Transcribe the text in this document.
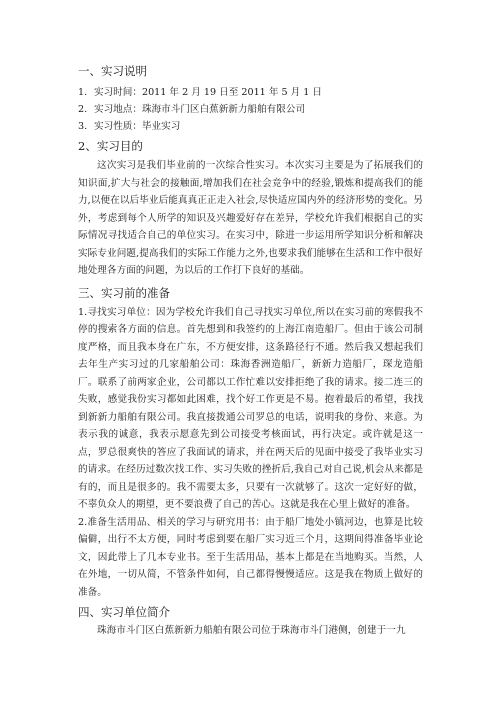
一、实习说明
1. 实习时间：2011 年 2 月 19 日至 2011 年 5 月 1 日
2. 实习地点：珠海市斗门区白蕉新新力船舶有限公司
3. 实习性质：毕业实习
2、实习目的

这次实习是我们毕业前的一次综合性实习。本次实习主要是为了拓展我们的知识面,扩大与社会的接触面,增加我们在社会竞争中的经验,锻炼和提高我们的能力,以便在以后毕业后能真真正正走入社会,尽快适应国内外的经济形势的变化。另外，考虑到每个人所学的知识及兴趣爱好存在差异，学校允许我们根据自己的实际情况寻找适合自己的单位实习。在实习中，除进一步运用所学知识分析和解决实际专业问题,提高我们的实际工作能力之外,也要求我们能够在生活和工作中很好地处理各方面的问题，为以后的工作打下良好的基础。

三、实习前的准备

1.寻找实习单位：因为学校允许我们自己寻找实习单位,所以在实习前的寒假我不停的搜索各方面的信息。首先想到和我签约的上海江南造船厂。但由于该公司制度严格，而且我本身在广东，不方便安排，这条路径行不通。然后我又想起我们去年生产实习过的几家船舶公司：珠海香洲造船厂，新新力造船厂，琛龙造船厂。联系了前两家企业，公司都以工作忙难以安排拒绝了我的请求。接二连三的失败，感觉我份实习都如此困难，找个好工作更是不易。抱着最后的希望，我找到新新力船舶有限公司。我直接拨通公司罗总的电话，说明我的身份、来意。为表示我的诚意，我表示愿意先到公司接受考核面试，再行决定。或许就是这一点，罗总很爽快的答应了我面试的请求，并在两天后的见面中接受了我毕业实习的请求。在经历过数次找工作、实习失败的挫折后,我自己对自己说,机会从来都是有的，而且是很多的。我不需要太多，只要有一次就够了。这次一定好好的做，不辜负众人的期望，更不要浪费了自己的苦心。这就是我在心里上做好的准备。

2.准备生活用品、相关的学习与研究用书：由于船厂地处小镇河边，也算是比较偏僻，出行不太方便，同时考虑到要在船厂实习近三个月，这期间得准备毕业论文，因此带上了几本专业书。至于生活用品，基本上都是在当地购买。当然，人在外地，一切从简，不管条件如何，自己都得慢慢适应。这是我在物质上做好的准备。

四、实习单位简介

珠海市斗门区白蕉新新力船舶有限公司位于珠海市斗门港侧，创建于一九
